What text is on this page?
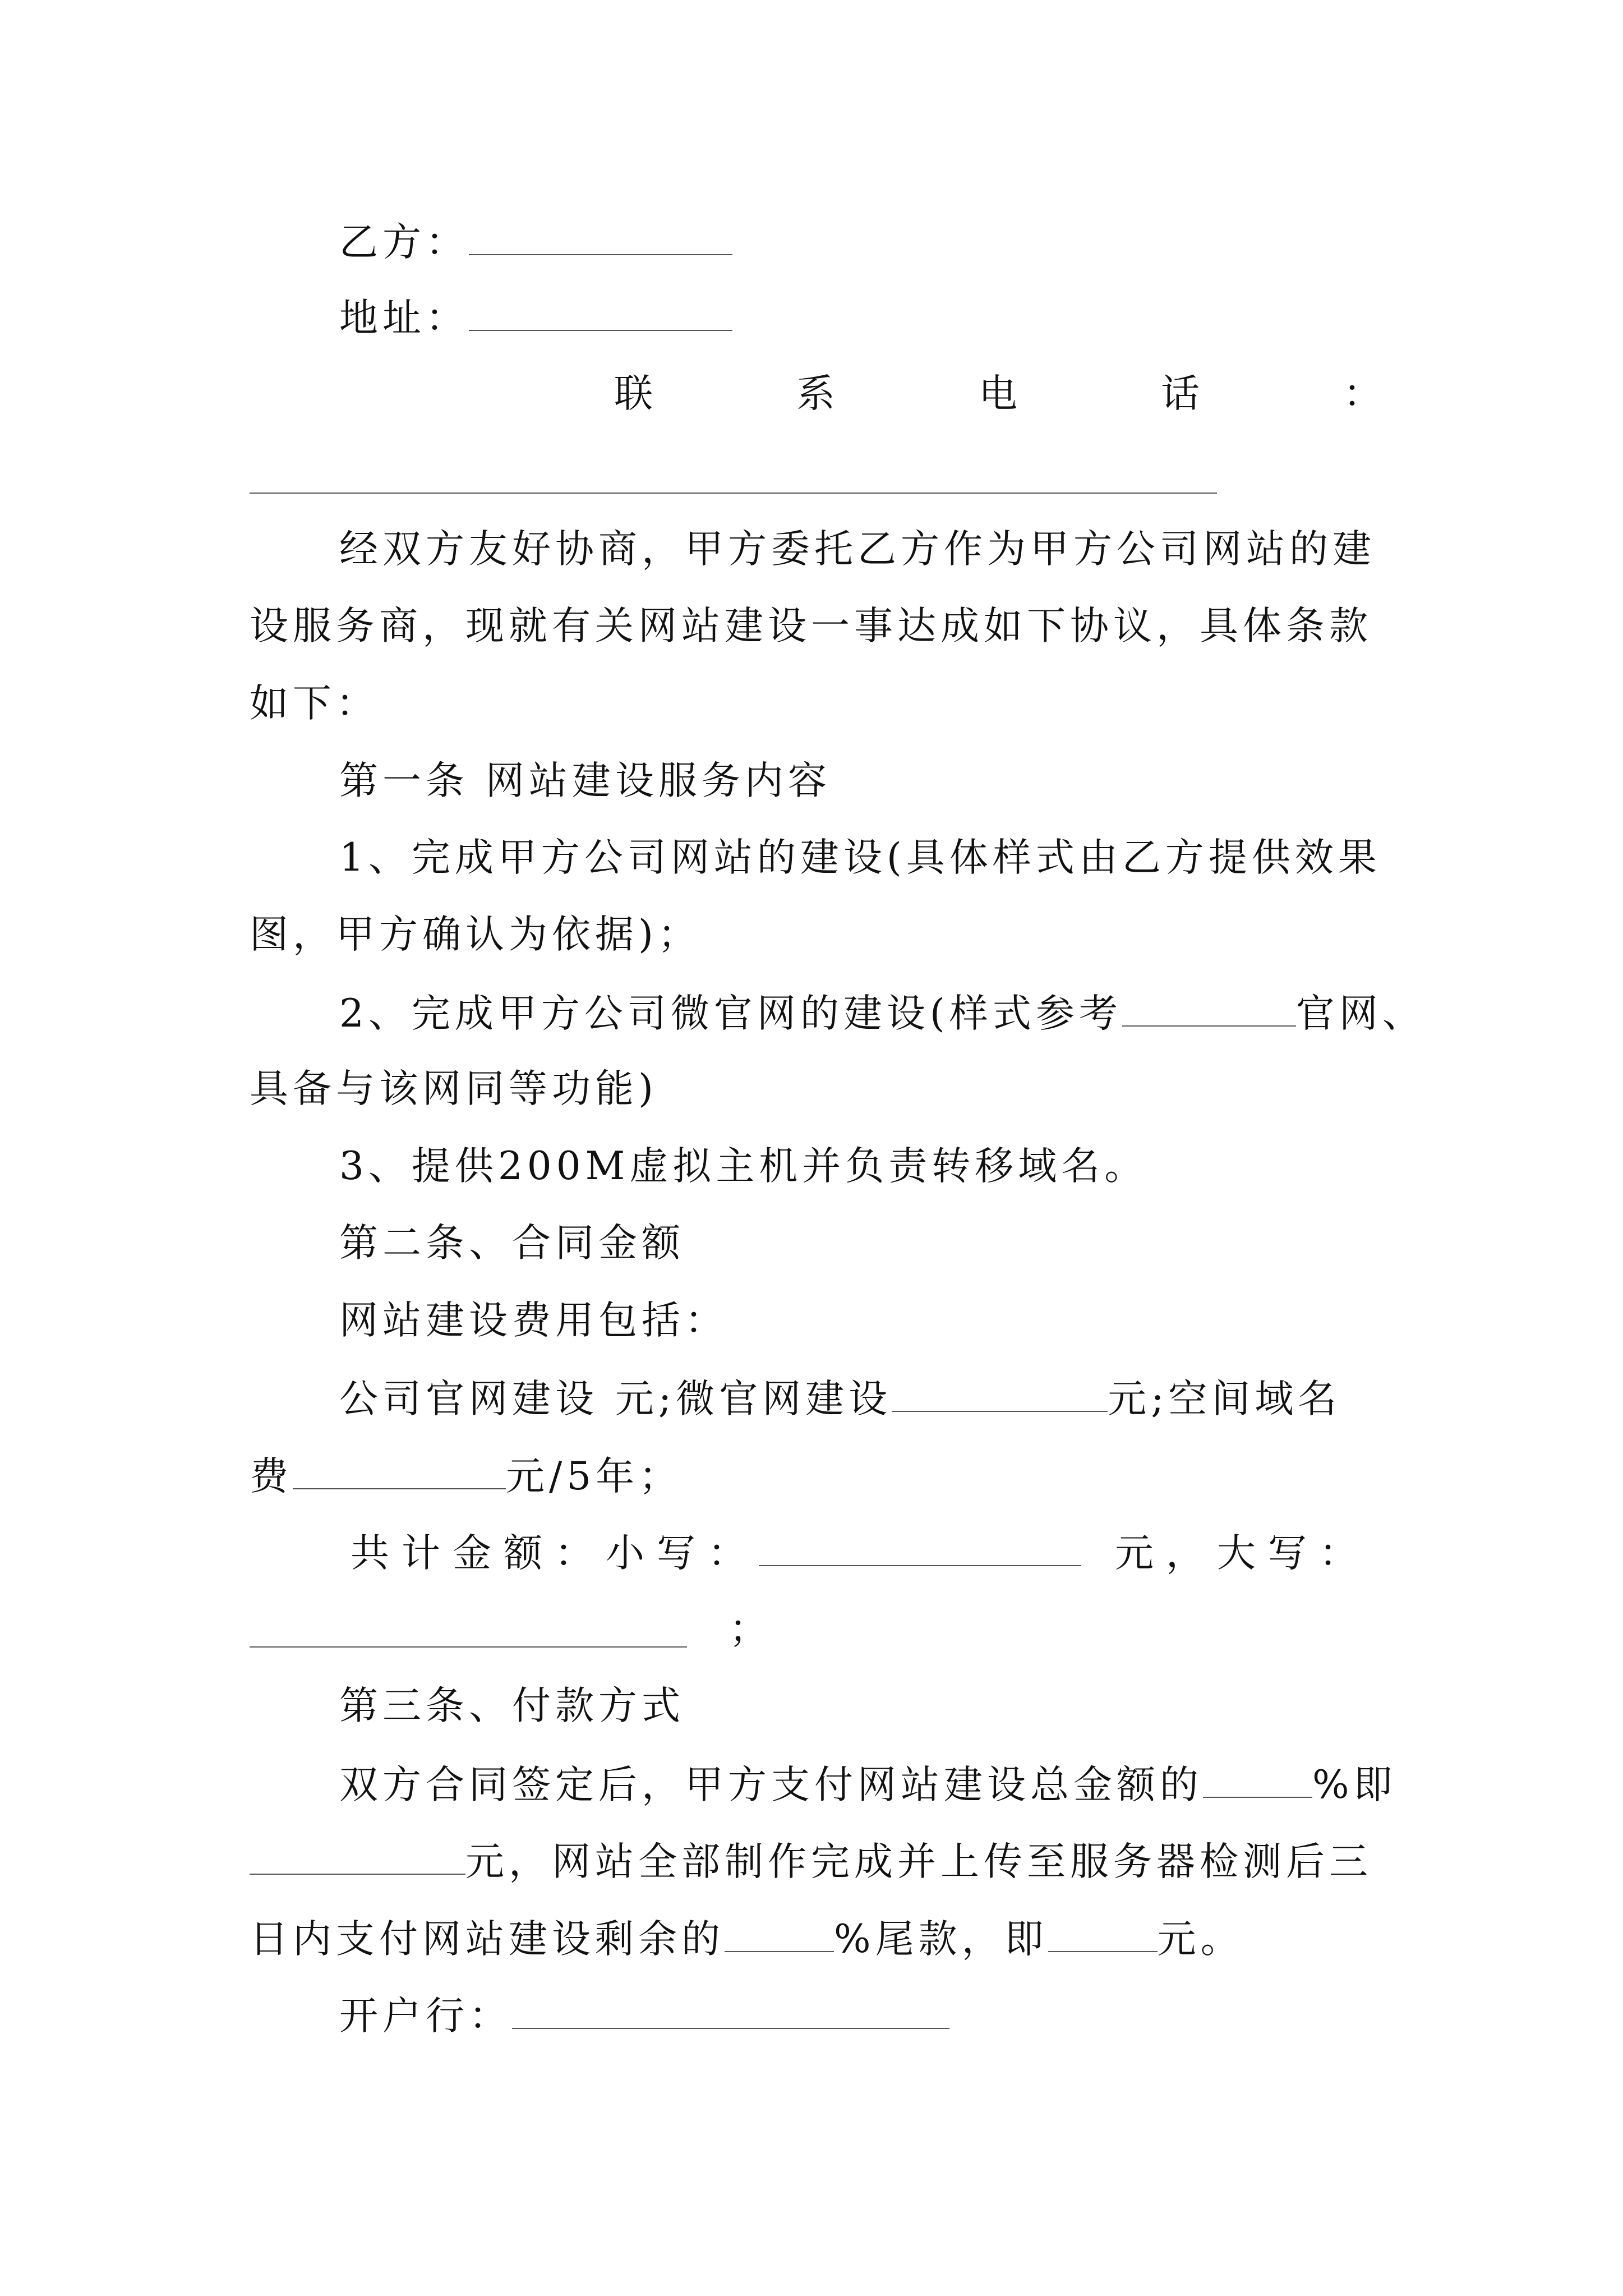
乙方：
地址：
联	系	电	话	：
经双方友好协商，甲方委托乙方作为甲方公司网站的建
设服务商，现就有关网站建设一事达成如下协议，具体条款
如下：
第一条 网站建设服务内容
1、完成甲方公司网站的建设(具体样式由乙方提供效果
图，甲方确认为依据)；
2、完成甲方公司微官网的建设(样式参考	官网、
具备与该网同等功能)
3、提供200M虚拟主机并负责转移域名。
第二条、合同金额
网站建设费用包括：
公司官网建设 元;微官网建设	元;空间域名
费	元/5年；
共计金额：小写：	元，大写：
；
第三条、付款方式
双方合同签定后，甲方支付网站建设总金额的	%即
元，网站全部制作完成并上传至服务器检测后三
日内支付网站建设剩余的	%尾款，即	元。
开户行：
